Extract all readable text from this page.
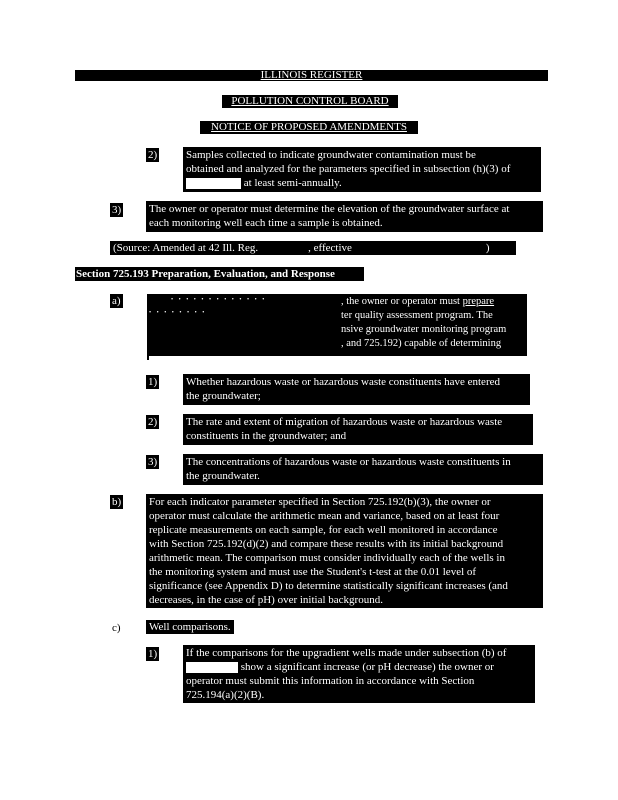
ILLINOIS REGISTER
POLLUTION CONTROL BOARD
NOTICE OF PROPOSED AMENDMENTS
2)	Samples collected to indicate groundwater contamination must be
obtained and analyzed for the parameters specified in subsection (h)(3) of
at least semi-annually.
3)	The owner or operator must determine the elevation of the groundwater surface at
each monitoring well each time a sample is obtained.
(Source: Amended at 42 Ill. Reg.	, effective	)
Section 725.193 Preparation, Evaluation, and Response
a)	• • • • • • • • • • • • •
• • • • • • • •
, the owner or operator must prepare
ter quality assessment program. The
nsive groundwater monitoring program
, and 725.192) capable of determining
1)	Whether hazardous waste or hazardous waste constituents have entered
the groundwater;
2)	The rate and extent of migration of hazardous waste or hazardous waste
constituents in the groundwater; and
3)	The concentrations of hazardous waste or hazardous waste constituents in
the groundwater.
b)	For each indicator parameter specified in Section 725.192(b)(3), the owner or
operator must calculate the arithmetic mean and variance, based on at least four
replicate measurements on each sample, for each well monitored in accordance
with Section 725.192(d)(2) and compare these results with its initial background
arithmetic mean. The comparison must consider individually each of the wells in
the monitoring system and must use the Student's t-test at the 0.01 level of
significance (see Appendix D) to determine statistically significant increases (and
decreases, in the case of pH) over initial background.
c)	Well comparisons.
1)	If the comparisons for the upgradient wells made under subsection (b) of
show a significant increase (or pH decrease) the owner or
operator must submit this information in accordance with Section
725.194(a)(2)(B).
